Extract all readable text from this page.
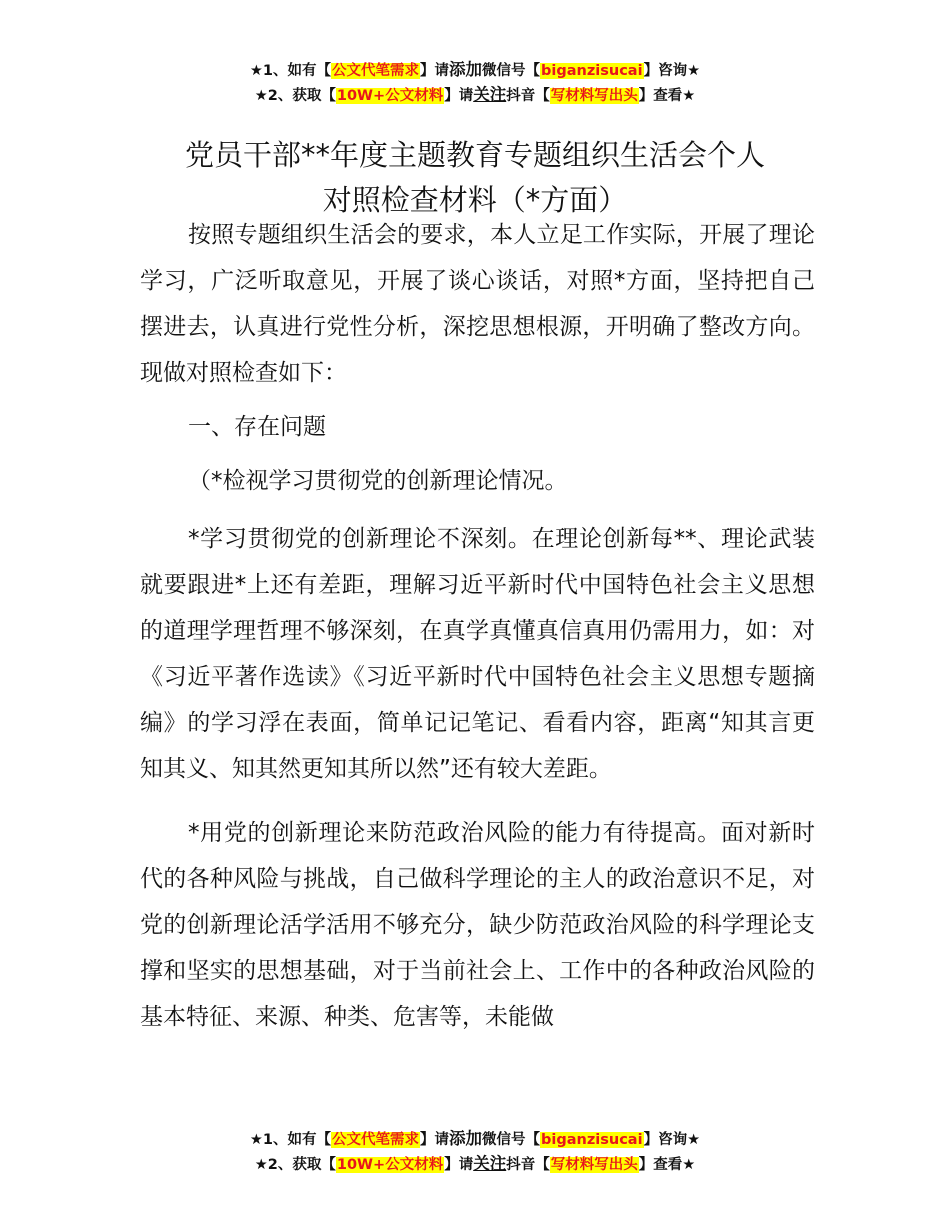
★1、如有【公文代笔需求】请添加微信号【biganzisucai】咨询★
★2、获取【10W+公文材料】请关注抖音【写材料写出头】查看★
党员干部**年度主题教育专题组织生活会个人
对照检查材料（*方面）

按照专题组织生活会的要求，本人立足工作实际，开展了理论学习，广泛听取意见，开展了谈心谈话，对照*方面，坚持把自己摆进去，认真进行党性分析，深挖思想根源，开明确了整改方向。现做对照检查如下：

一、存在问题

（*检视学习贯彻党的创新理论情况。

*学习贯彻党的创新理论不深刻。在理论创新每**、理论武装就要跟进*上还有差距，理解习近平新时代中国特色社会主义思想的道理学理哲理不够深刻，在真学真懂真信真用仍需用力，如：对《习近平著作选读》《习近平新时代中国特色社会主义思想专题摘编》的学习浮在表面，简单记记笔记、看看内容，距离“知其言更知其义、知其然更知其所以然”还有较大差距。

*用党的创新理论来防范政治风险的能力有待提高。面对新时代的各种风险与挑战，自己做科学理论的主人的政治意识不足，对党的创新理论活学活用不够充分，缺少防范政治风险的科学理论支撑和坚实的思想基础，对于当前社会上、工作中的各种政治风险的基本特征、来源、种类、危害等，未能做

★1、如有【公文代笔需求】请添加微信号【biganzisucai】咨询★
★2、获取【10W+公文材料】请关注抖音【写材料写出头】查看★
